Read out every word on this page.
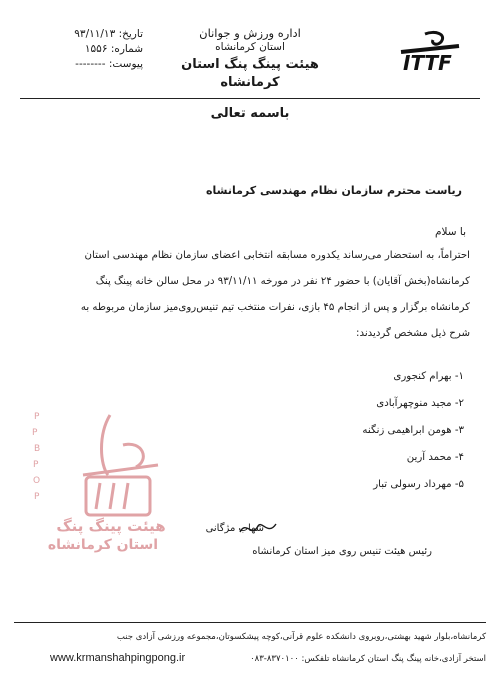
اداره ورزش و جوانان
استان کرمانشاه
هیئت پینگ پنگ استان
کرمانشاه
تاریخ: ۹۳/۱۱/۱۳
شماره: ۱۵۵۶
پیوست: --------	ITTF
باسمه تعالی
ریاست محترم سازمان نظام مهندسی کرمانشاه
با سلام
احتراماً، به استحضار می‌رساند یکدوره مسابقه انتخابی اعضای سازمان نظام مهندسی استان
کرمانشاه(بخش آقایان) با حضور ۲۴ نفر در مورخه ۹۳/۱۱/۱۱ در محل سالن خانه پینگ پنگ
کرمانشاه برگزار و پس از انجام ۴۵ بازی، نفرات منتخب تیم تنیس‌روی‌میز سازمان مربوطه به
شرح ذیل مشخص گردیدند:
۱- بهرام کنجوری
۲- مجید منوچهرآبادی
۳- هومن ابراهیمی زنگنه
۴- محمد آرین
۵- مهرداد رسولی تبار
P
P
B
P
O
P
هیئت پینگ پنگ
استان کرمانشاه
شهاب مژگانی
رئیس هیئت تنیس روی میز استان کرمانشاه
کرمانشاه،بلوار شهید بهشتی،روبروی دانشکده علوم قرآنی،کوچه پیشکسوتان،مجموعه ورزشی آزادی جنب
استخر آزادی،خانه پینگ پنگ استان کرمانشاه تلفکس: ۸۳۷۰۱۰۰-۰۸۳
www.krmanshahpingpong.ir
